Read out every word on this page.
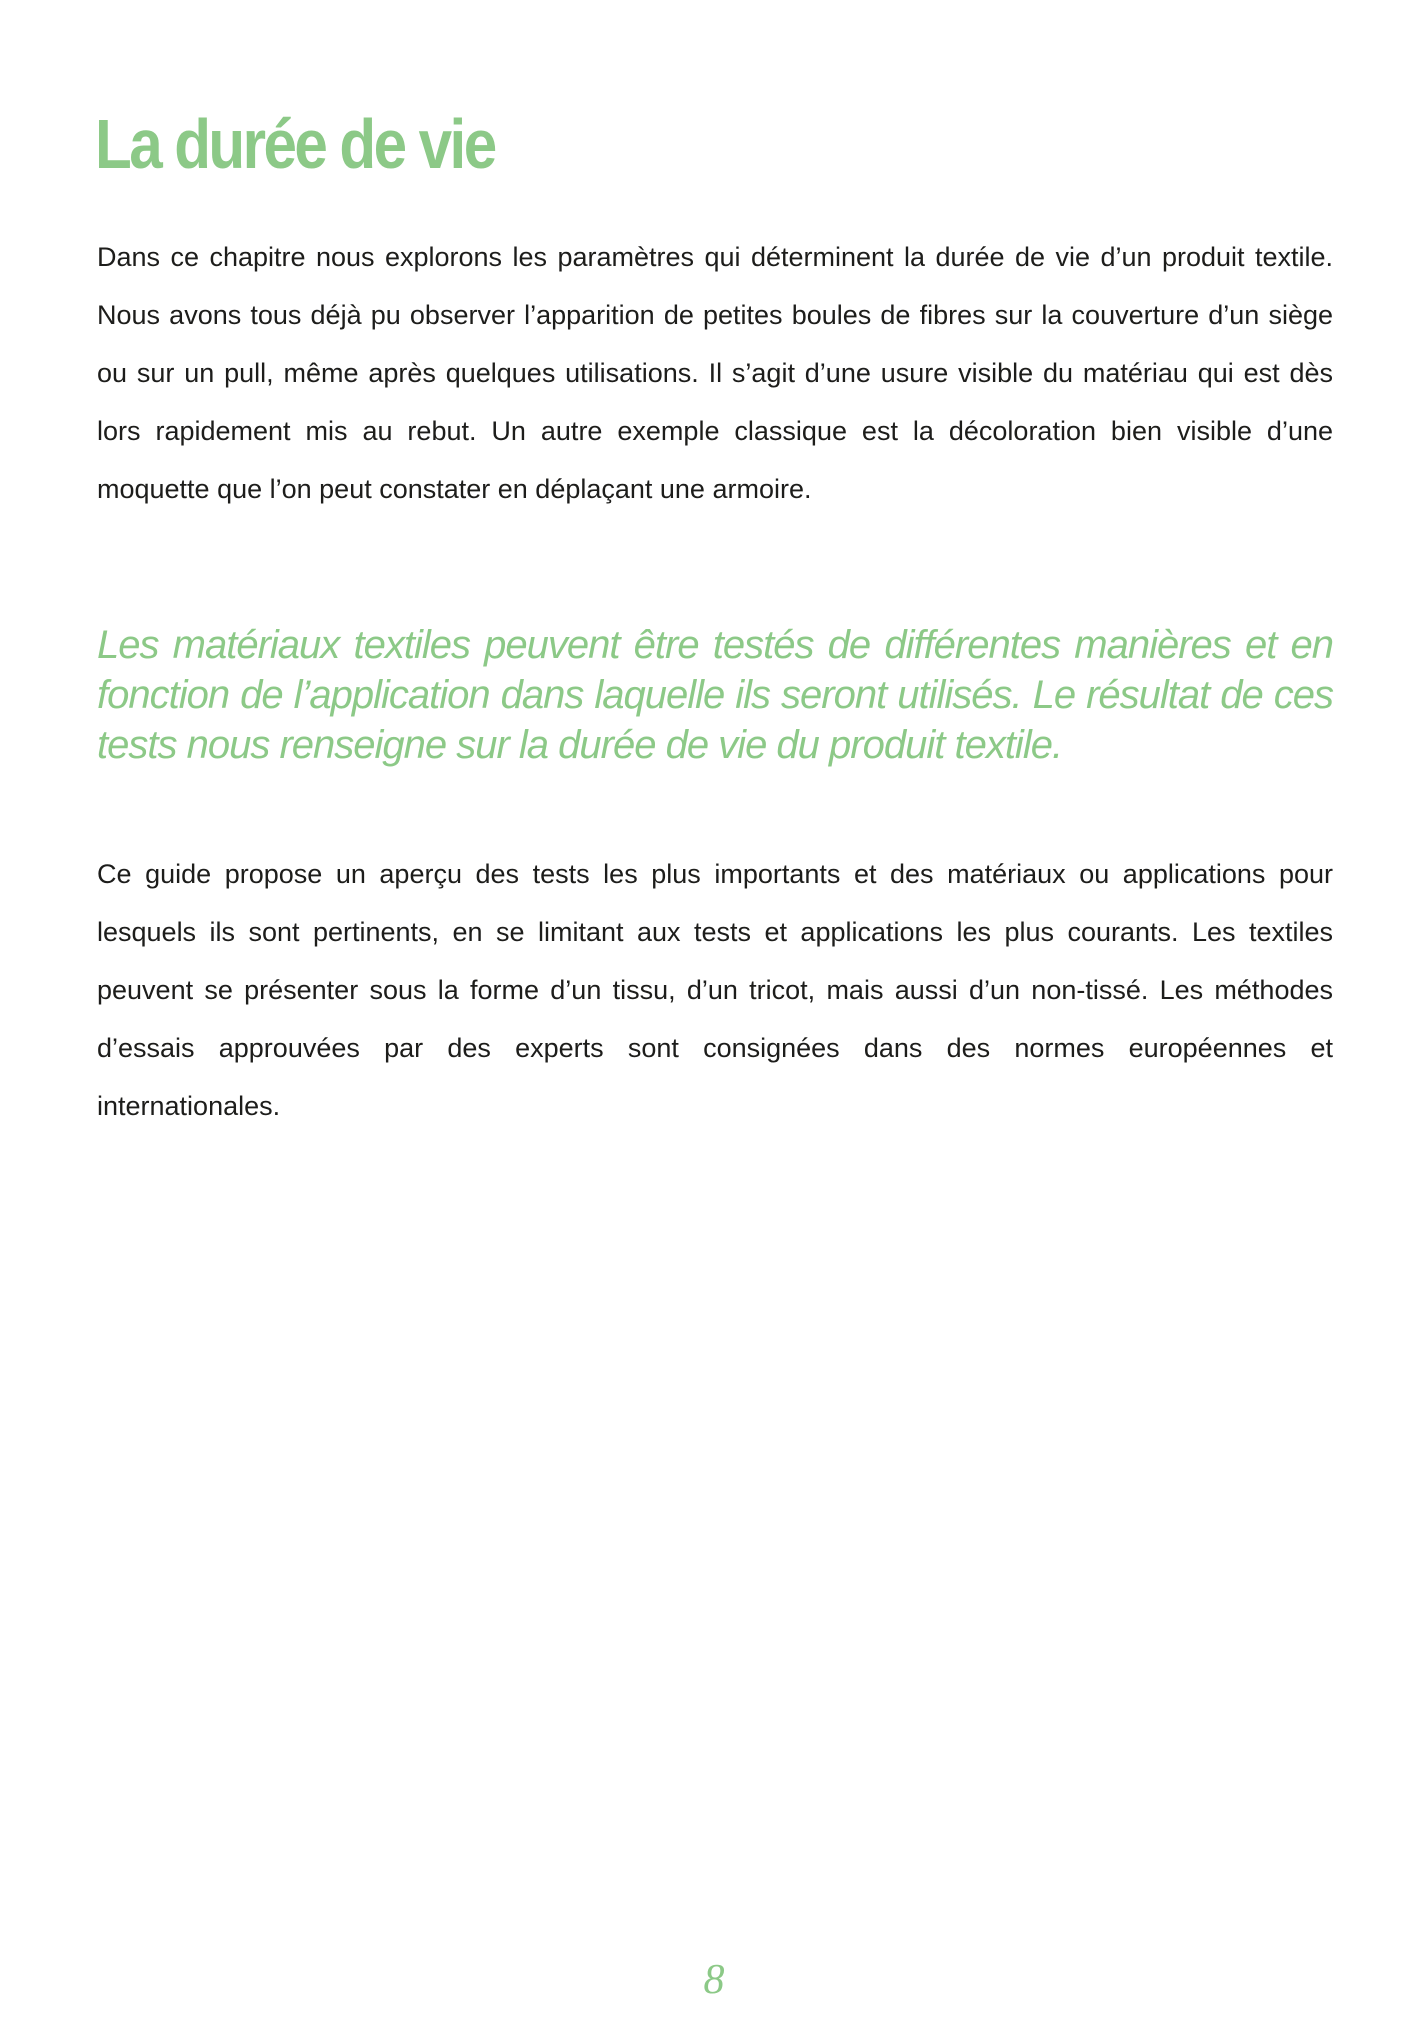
La durée de vie

Dans ce chapitre nous explorons les paramètres qui déterminent la durée de vie d’un produit textile. Nous avons tous déjà pu observer l’apparition de petites boules de fibres sur la couverture d’un siège ou sur un pull, même après quelques utilisations. Il s’agit d’une usure visible du matériau qui est dès lors rapidement mis au rebut. Un autre exemple classique est la décoloration bien visible d’une moquette que l’on peut constater en déplaçant une armoire.

Les matériaux textiles peuvent être testés de différentes manières et en fonction de l’application dans laquelle ils seront utilisés. Le résultat de ces tests nous renseigne sur la durée de vie du produit textile.

Ce guide propose un aperçu des tests les plus importants et des matériaux ou applications pour lesquels ils sont pertinents, en se limitant aux tests et applications les plus courants. Les textiles peuvent se présenter sous la forme d’un tissu, d’un tricot, mais aussi d’un non-tissé. Les méthodes d’essais approuvées par des experts sont consignées dans des normes européennes et internationales.

8
